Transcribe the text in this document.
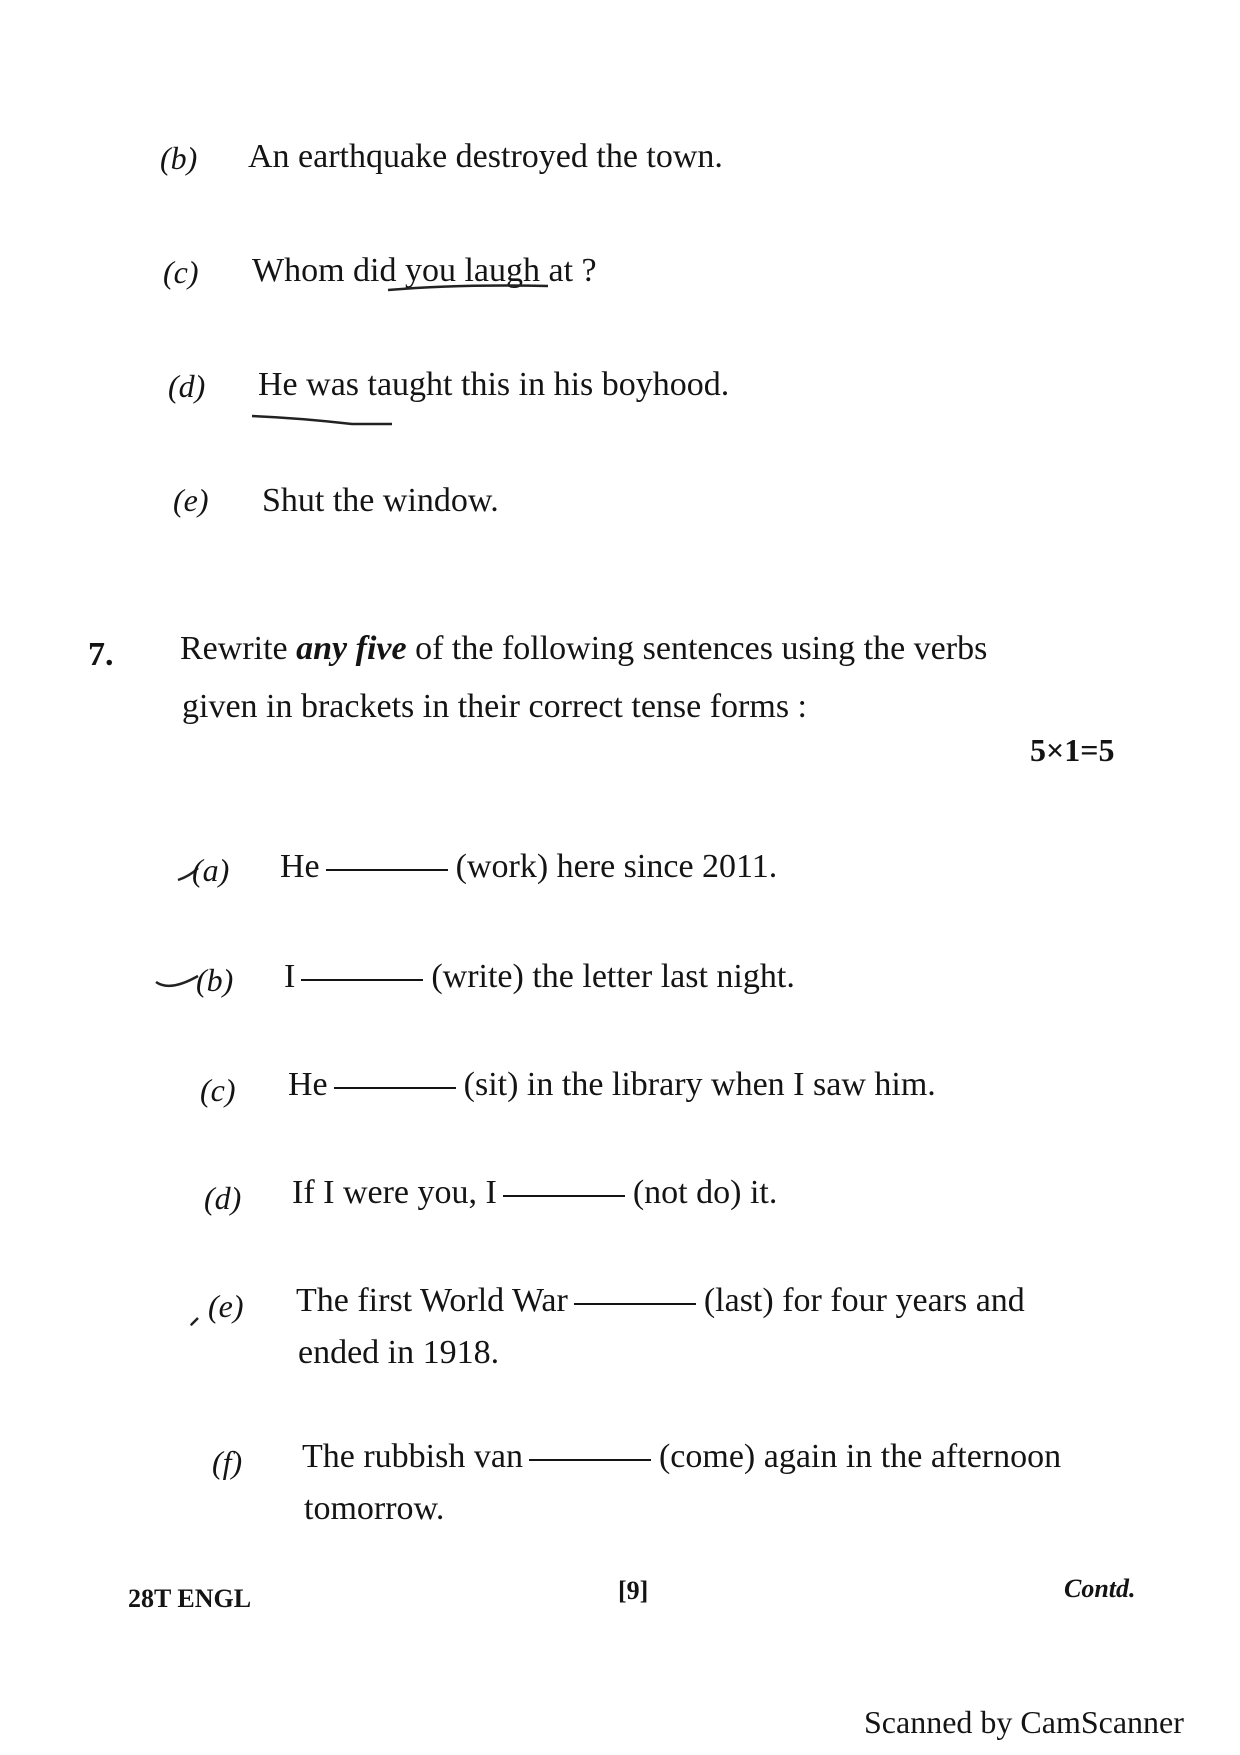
(b) An earthquake destroyed the town.
(c) Whom did you laugh at ?
(d) He was taught this in his boyhood.
(e) Shut the window.
7. Rewrite any five of the following sentences using the verbs
given in brackets in their correct tense forms :
5×1=5
(a) He	(work) here since 2011.
(b) I	(write) the letter last night.
(c) He	(sit) in the library when I saw him.
(d) If I were you, I	(not do) it.
(e) The first World War	(last) for four years and
ended in 1918.
(f) The rubbish van	(come) again in the afternoon
tomorrow.
28T ENGL	[9]	Contd.
Scanned by CamScanner
